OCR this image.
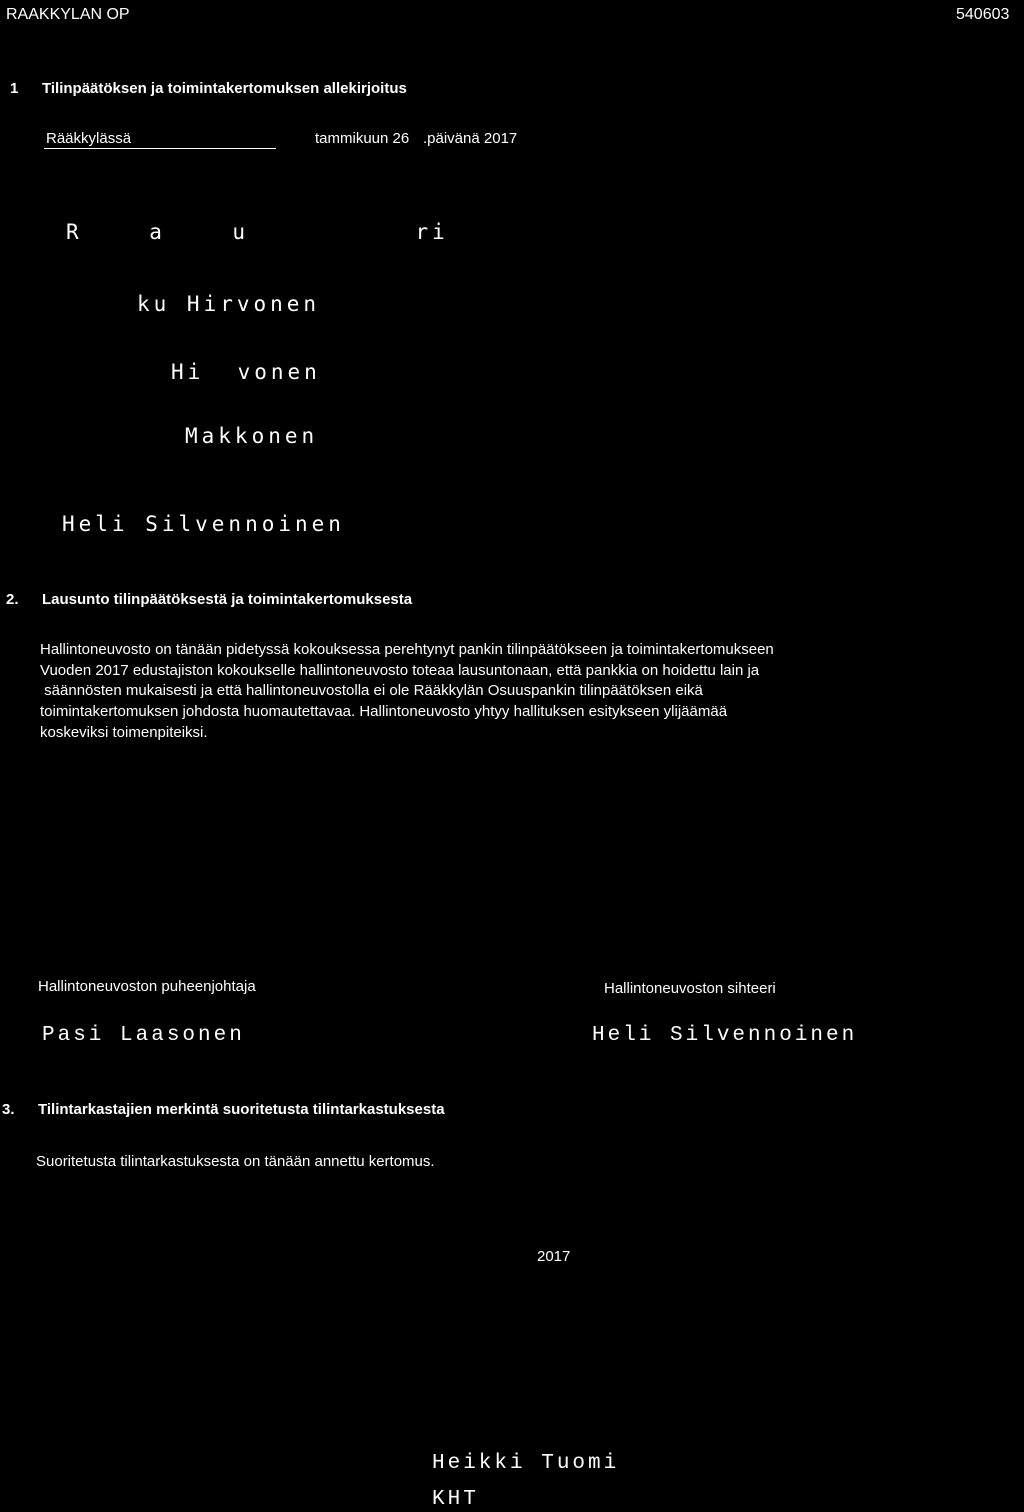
RAAKKYLAN OP	540603
1 Tilinpäätöksen ja toimintakertomuksen allekirjoitus
Rääkkylässä	tammikuun 26 .päivänä 2017
R    a    u          ri
ku Hirvonen
Hi  vonen
Makkonen
Heli Silvennoinen
2. Lausunto tilinpäätöksestä ja toimintakertomuksesta
Hallintoneuvosto on tänään pidetyssä kokouksessa perehtynyt pankin tilinpäätökseen ja toimintakertomukseen
Vuoden 2017 edustajiston kokoukselle hallintoneuvosto toteaa lausuntonaan, että pankkia on hoidettu lain ja
säännösten mukaisesti ja että hallintoneuvostolla ei ole Rääkkylän Osuuspankin tilinpäätöksen eikä
toimintakertomuksen johdosta huomautettavaa. Hallintoneuvosto yhtyy hallituksen esitykseen ylijäämää
koskeviksi toimenpiteiksi.
Hallintoneuvoston puheenjohtaja
Pasi Laasonen
Hallintoneuvoston sihteeri
Heli Silvennoinen
3. Tilintarkastajien merkintä suoritetusta tilintarkastuksesta
Suoritetusta tilintarkastuksesta on tänään annettu kertomus.
2017
Heikki Tuomi
KHT
